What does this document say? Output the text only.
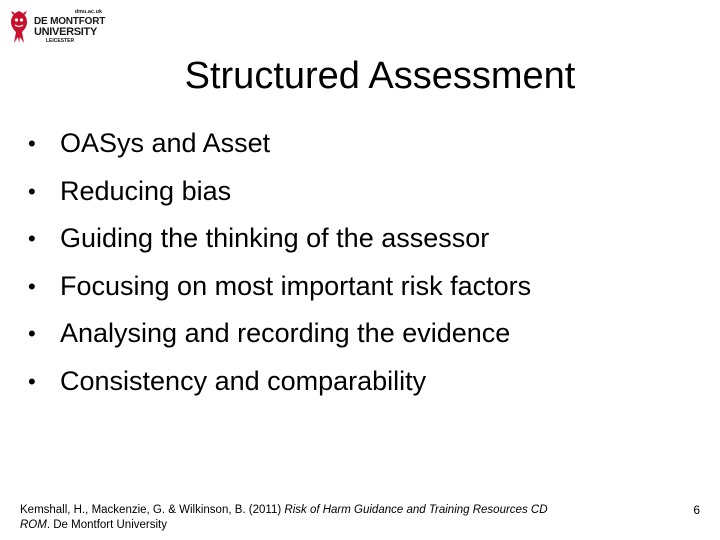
dmu.ac.uk
DE MONTFORT
UNIVERSITY
LEICESTER
Structured Assessment
• OASys and Asset
• Reducing bias
• Guiding the thinking of the assessor
• Focusing on most important risk factors
• Analysing and recording the evidence
• Consistency and comparability
Kemshall, H., Mackenzie, G. & Wilkinson, B. (2011) Risk of Harm Guidance and Training Resources CD ROM. De Montfort University
6
